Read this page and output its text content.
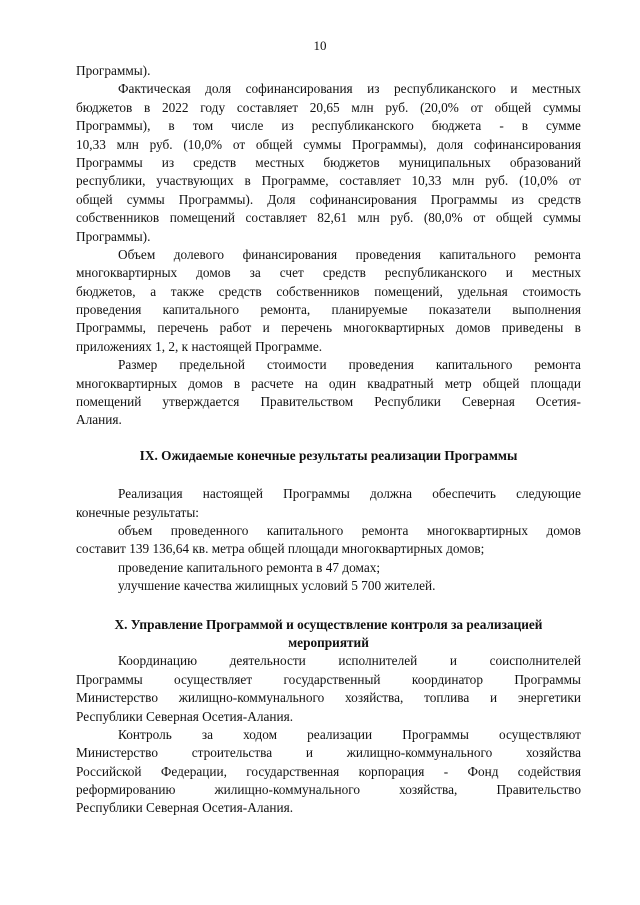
10
Программы).
Фактическая доля софинансирования из республиканского и местных
бюджетов в 2022 году составляет 20,65 млн руб. (20,0% от общей суммы
Программы), в том числе из республиканского бюджета - в сумме
10,33 млн руб. (10,0% от общей суммы Программы), доля софинансирования
Программы из средств местных бюджетов муниципальных образований
республики, участвующих в Программе, составляет 10,33 млн руб. (10,0% от
общей суммы Программы). Доля софинансирования Программы из средств
собственников помещений составляет 82,61 млн руб. (80,0% от общей суммы
Программы).
Объем долевого финансирования проведения капитального ремонта
многоквартирных домов за счет средств республиканского и местных
бюджетов, а также средств собственников помещений, удельная стоимость
проведения капитального ремонта, планируемые показатели выполнения
Программы, перечень работ и перечень многоквартирных домов приведены в
приложениях 1, 2, к настоящей Программе.
Размер предельной стоимости проведения капитального ремонта
многоквартирных домов в расчете на один квадратный метр общей площади
помещений утверждается Правительством Республики Северная Осетия-
Алания.
IX. Ожидаемые конечные результаты реализации Программы
Реализация настоящей Программы должна обеспечить следующие
конечные результаты:
объем проведенного капитального ремонта многоквартирных домов
составит 139 136,64 кв. метра общей площади многоквартирных домов;
проведение капитального ремонта в 47 домах;
улучшение качества жилищных условий 5 700 жителей.
X. Управление Программой и осуществление контроля за реализацией
мероприятий
Координацию деятельности исполнителей и соисполнителей
Программы осуществляет государственный координатор Программы
Министерство жилищно-коммунального хозяйства, топлива и энергетики
Республики Северная Осетия-Алания.
Контроль за ходом реализации Программы осуществляют
Министерство	строительства	и	жилищно-коммунального	хозяйства
Российской Федерации, государственная корпорация - Фонд содействия
реформированию	жилищно-коммунального	хозяйства,	Правительство
Республики Северная Осетия-Алания.
